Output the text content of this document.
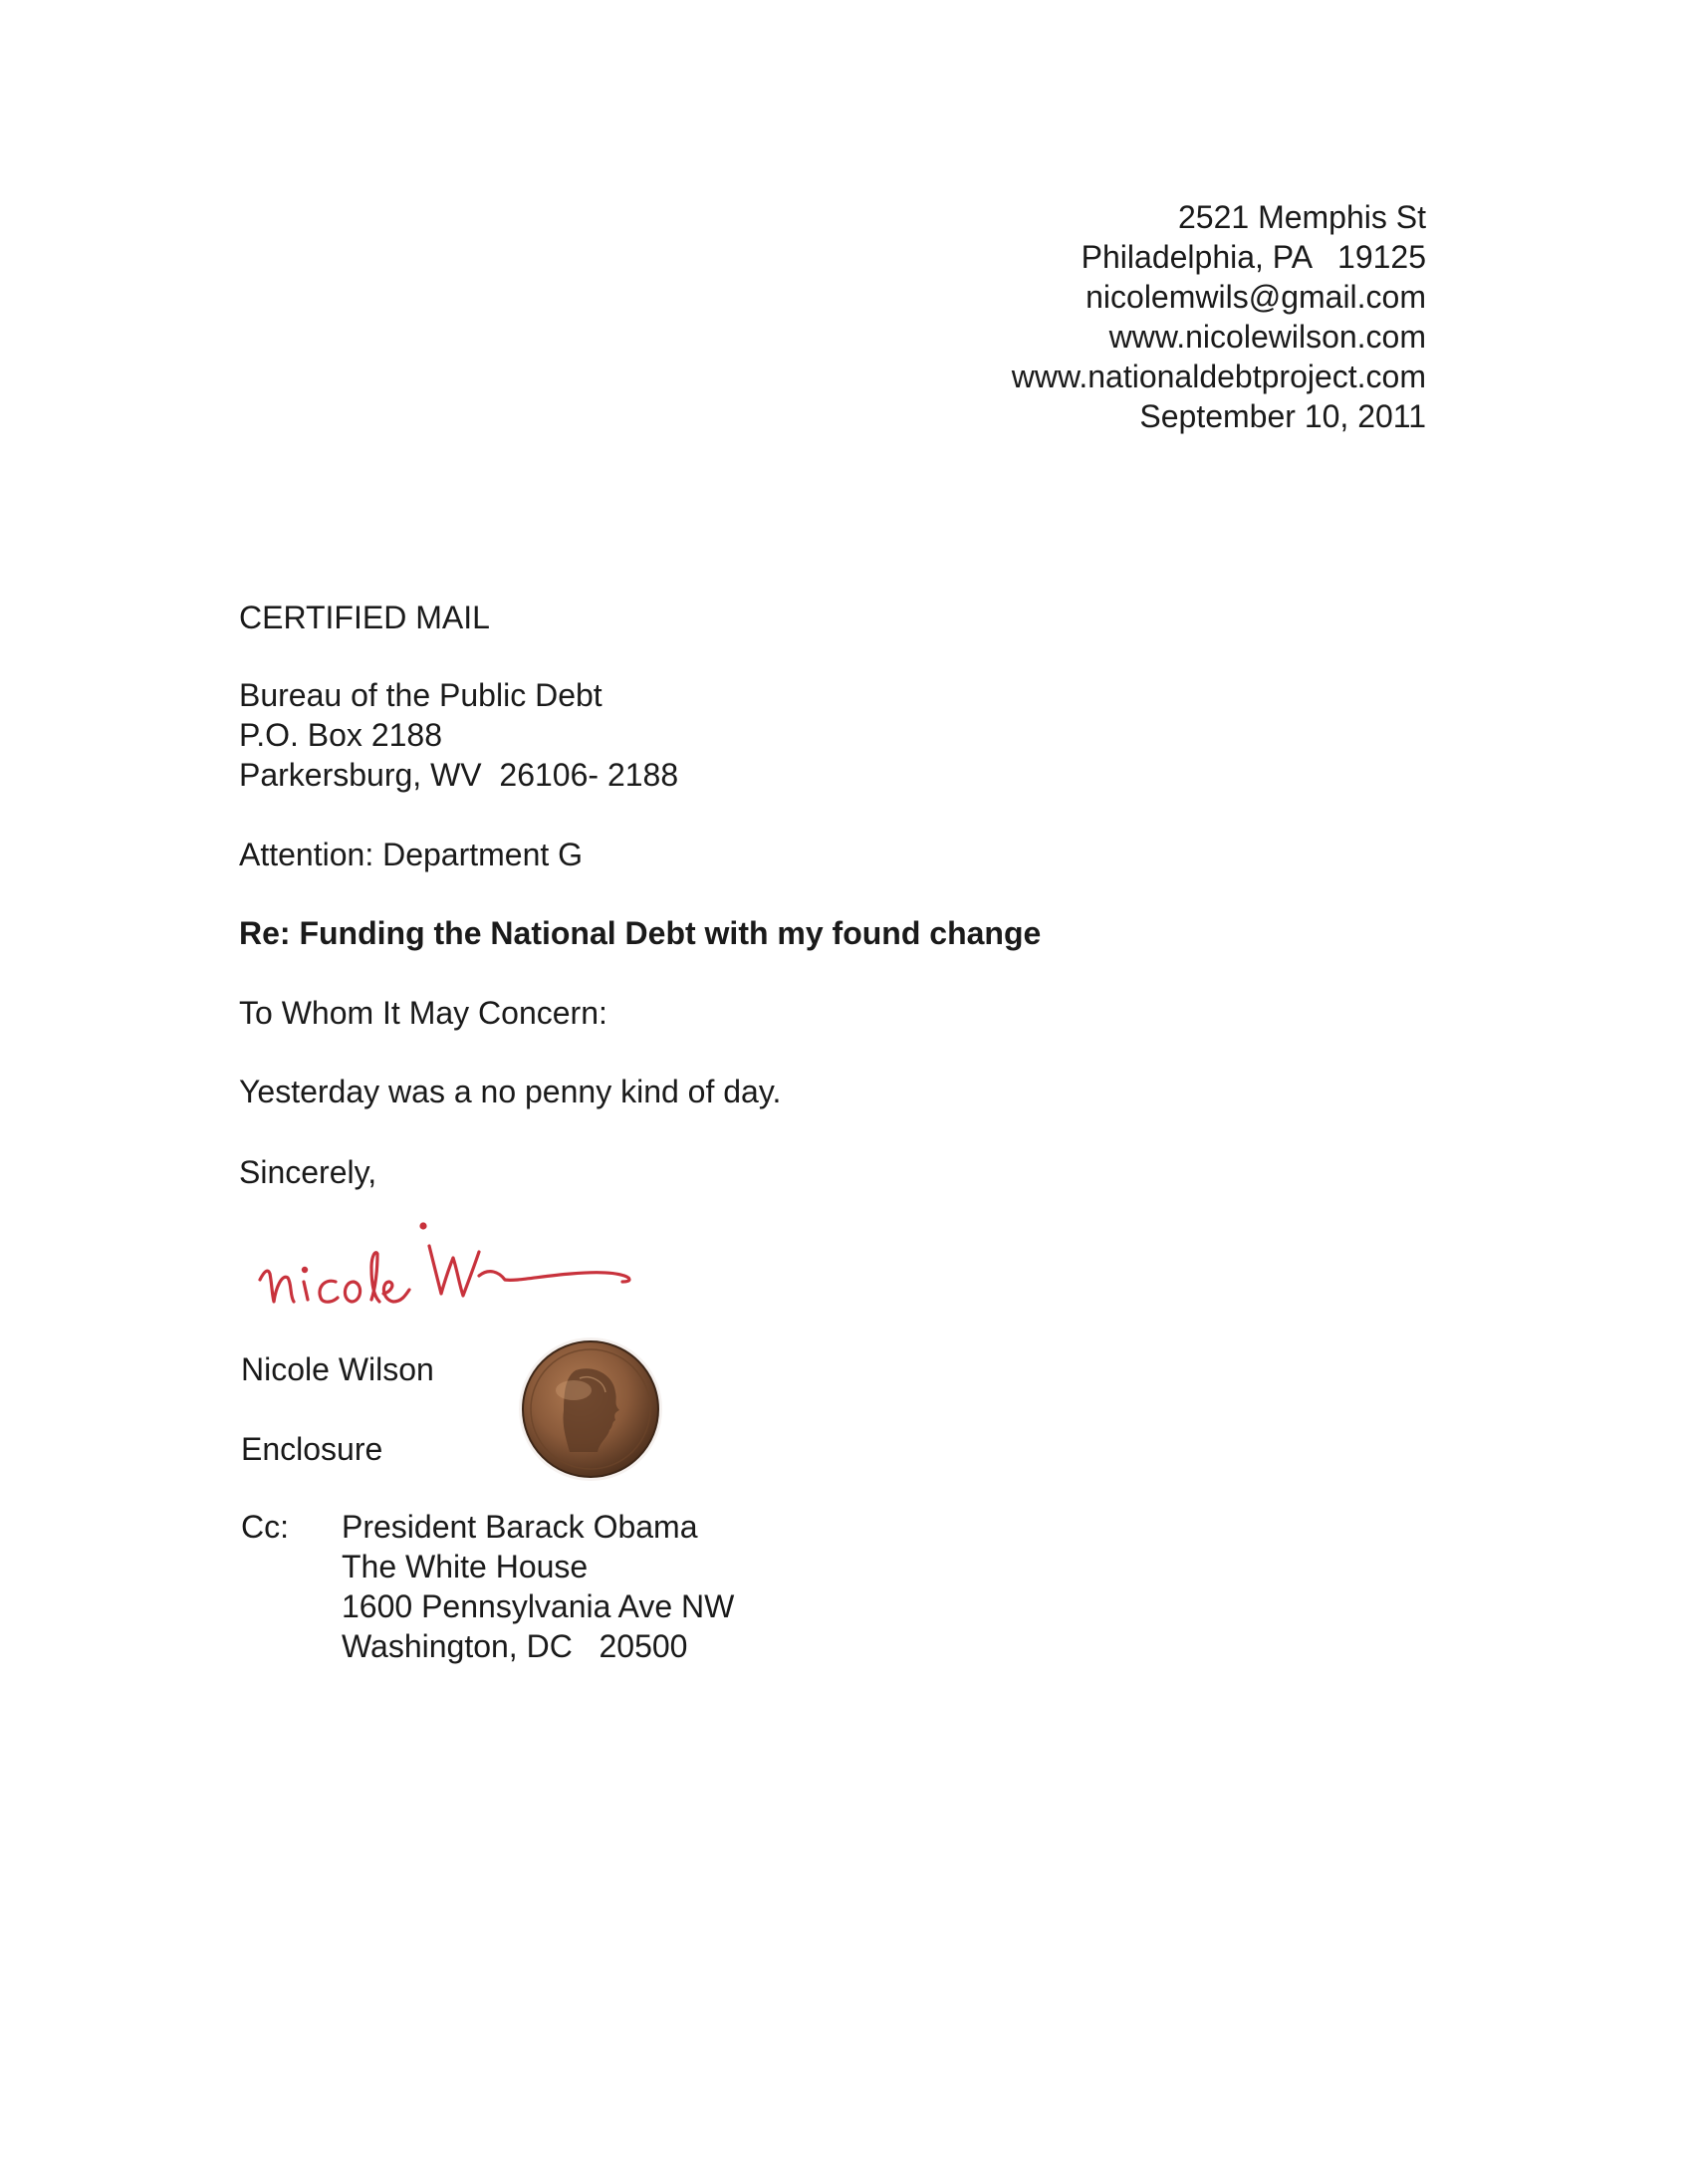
2521 Memphis St
Philadelphia, PA   19125
nicolemwils@gmail.com
www.nicolewilson.com
www.nationaldebtproject.com
September 10, 2011
CERTIFIED MAIL
Bureau of the Public Debt
P.O. Box 2188
Parkersburg, WV  26106- 2188
Attention: Department G
Re: Funding the National Debt with my found change
To Whom It May Concern:
Yesterday was a no penny kind of day.
Sincerely,
Nicole Wilson
Enclosure
Cc: President Barack Obama
The White House
1600 Pennsylvania Ave NW
Washington, DC   20500
